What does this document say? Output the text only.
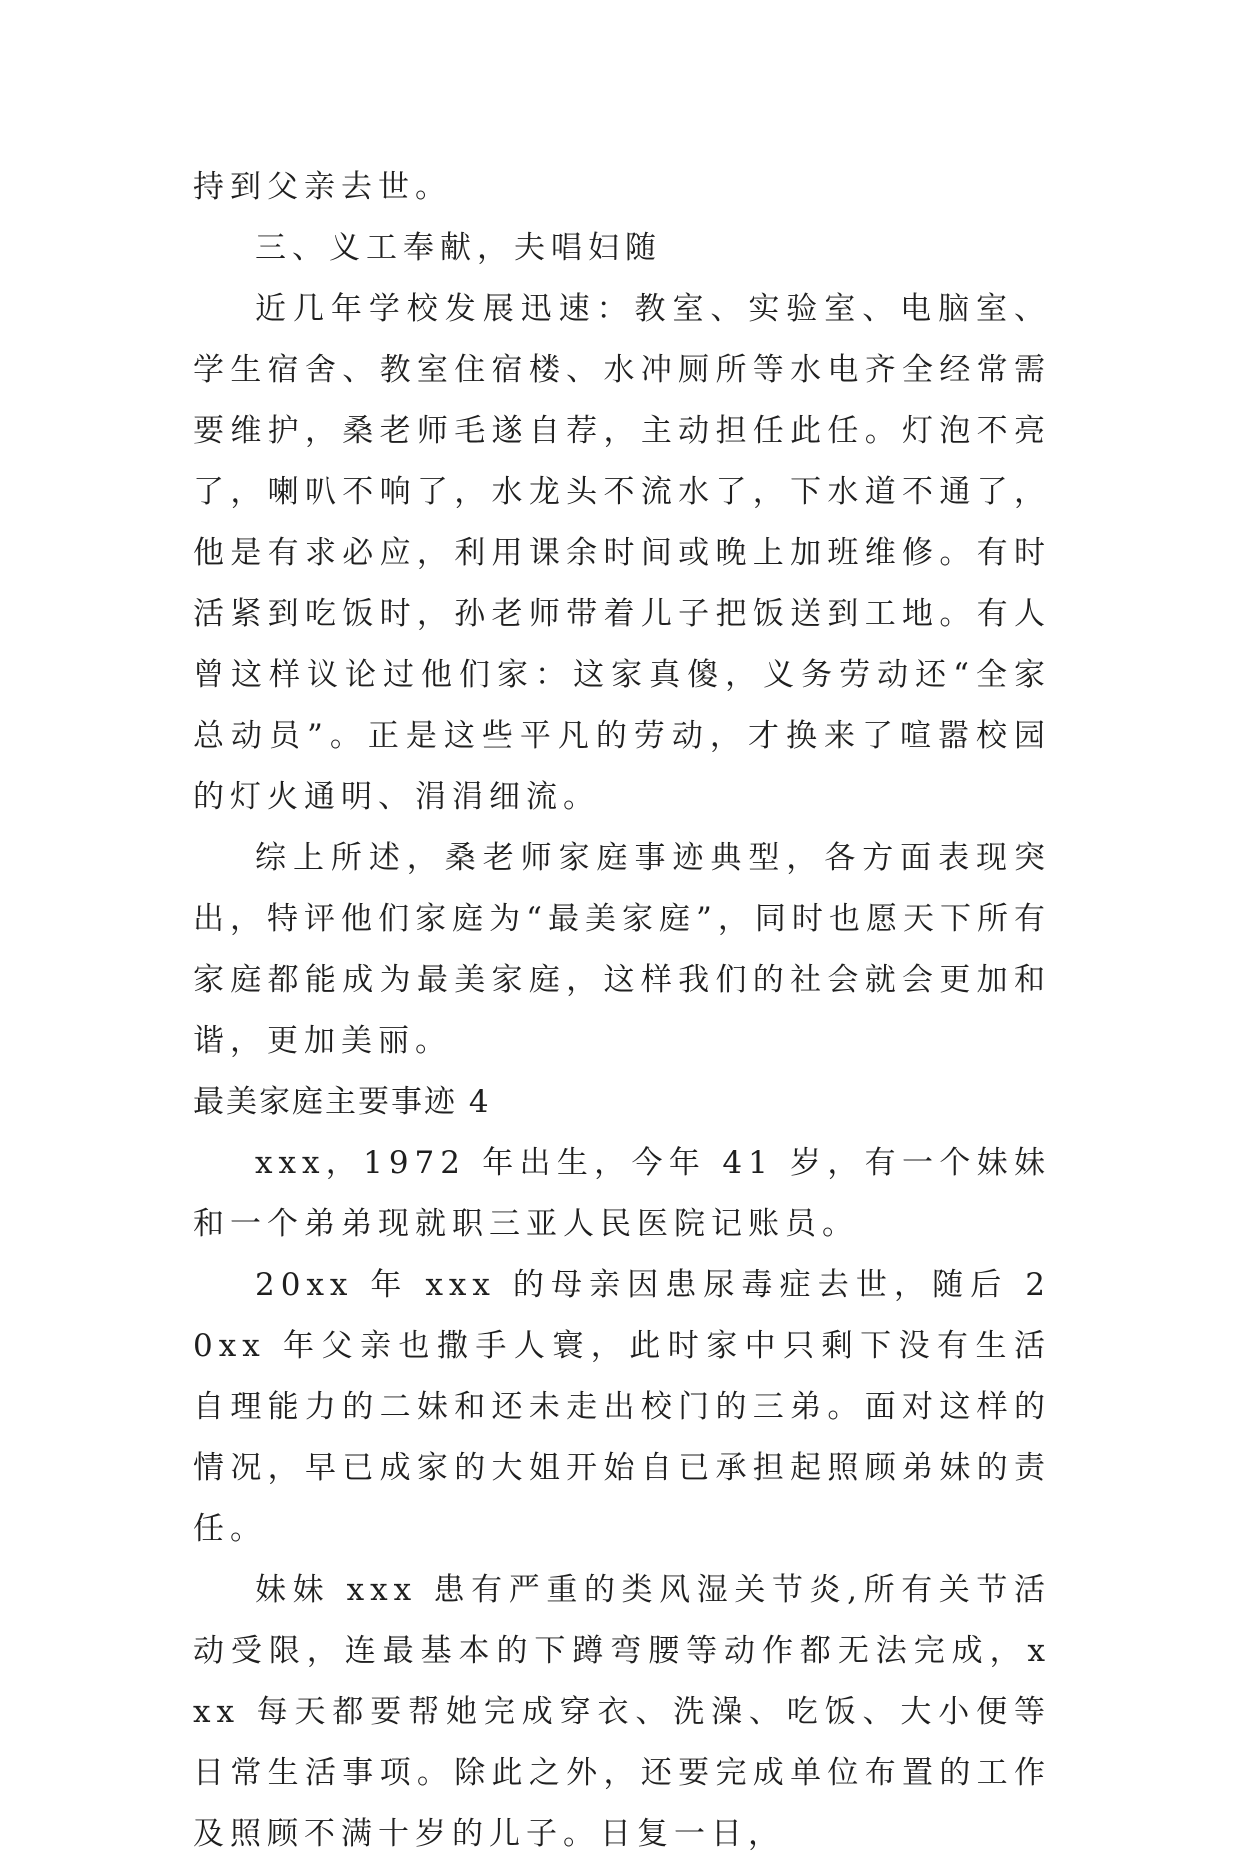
持到父亲去世。

三、义工奉献，夫唱妇随

近几年学校发展迅速：教室、实验室、电脑室、学生宿舍、教室住宿楼、水冲厕所等水电齐全经常需要维护，桑老师毛遂自荐，主动担任此任。灯泡不亮了，喇叭不响了，水龙头不流水了，下水道不通了，他是有求必应，利用课余时间或晚上加班维修。有时活紧到吃饭时，孙老师带着儿子把饭送到工地。有人曾这样议论过他们家：这家真傻，义务劳动还“全家总动员”。正是这些平凡的劳动，才换来了喧嚣校园的灯火通明、涓涓细流。

综上所述，桑老师家庭事迹典型，各方面表现突出，特评他们家庭为“最美家庭”，同时也愿天下所有家庭都能成为最美家庭，这样我们的社会就会更加和谐，更加美丽。

最美家庭主要事迹 4

xxx，1972 年出生，今年 41 岁，有一个妹妹和一个弟弟现就职三亚人民医院记账员。

20xx 年 xxx 的母亲因患尿毒症去世，随后 20xx 年父亲也撒手人寰，此时家中只剩下没有生活自理能力的二妹和还未走出校门的三弟。面对这样的情况，早已成家的大姐开始自已承担起照顾弟妹的责任。

妹妹 xxx 患有严重的类风湿关节炎,所有关节活动受限，连最基本的下蹲弯腰等动作都无法完成，xxx 每天都要帮她完成穿衣、洗澡、吃饭、大小便等日常生活事项。除此之外，还要完成单位布置的工作及照顾不满十岁的儿子。日复一日，
